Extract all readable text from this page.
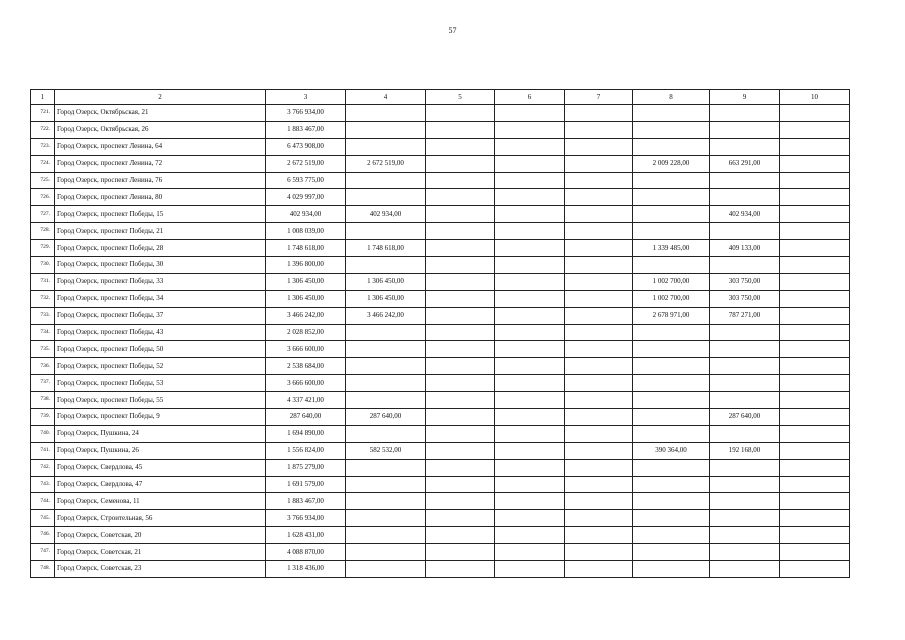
57
1	2	3	4	5	6	7	8	9	10
721.	Город Озерск, Октябрьская, 21	3 766 934,00							
722.	Город Озерск, Октябрьская, 26	1 883 467,00							
723.	Город Озерск, проспект Ленина, 64	6 473 908,00							
724.	Город Озерск, проспект Ленина, 72	2 672 519,00	2 672 519,00				2 009 228,00	663 291,00	
725.	Город Озерск, проспект Ленина, 76	6 593 775,00							
726.	Город Озерск, проспект Ленина, 80	4 029 997,00							
727.	Город Озерск, проспект Победы, 15	402 934,00	402 934,00					402 934,00	
728.	Город Озерск, проспект Победы, 21	1 008 039,00							
729.	Город Озерск, проспект Победы, 28	1 748 618,00	1 748 618,00				1 339 485,00	409 133,00	
730.	Город Озерск, проспект Победы, 30	1 396 800,00							
731.	Город Озерск, проспект Победы, 33	1 306 450,00	1 306 450,00				1 002 700,00	303 750,00	
732.	Город Озерск, проспект Победы, 34	1 306 450,00	1 306 450,00				1 002 700,00	303 750,00	
733.	Город Озерск, проспект Победы, 37	3 466 242,00	3 466 242,00				2 678 971,00	787 271,00	
734.	Город Озерск, проспект Победы, 43	2 028 852,00							
735.	Город Озерск, проспект Победы, 50	3 666 600,00							
736.	Город Озерск, проспект Победы, 52	2 538 684,00							
737.	Город Озерск, проспект Победы, 53	3 666 600,00							
738.	Город Озерск, проспект Победы, 55	4 337 421,00							
739.	Город Озерск, проспект Победы, 9	287 640,00	287 640,00					287 640,00	
740.	Город Озерск, Пушкина, 24	1 694 890,00							
741.	Город Озерск, Пушкина, 26	1 556 824,00	582 532,00				390 364,00	192 168,00	
742.	Город Озерск, Свердлова, 45	1 875 279,00							
743.	Город Озерск, Свердлова, 47	1 691 579,00							
744.	Город Озерск, Семенова, 11	1 883 467,00							
745.	Город Озерск, Строительная, 56	3 766 934,00							
746.	Город Озерск, Советская, 20	1 628 431,00							
747.	Город Озерск, Советская, 21	4 088 870,00							
748.	Город Озерск, Советская, 23	1 318 436,00							
